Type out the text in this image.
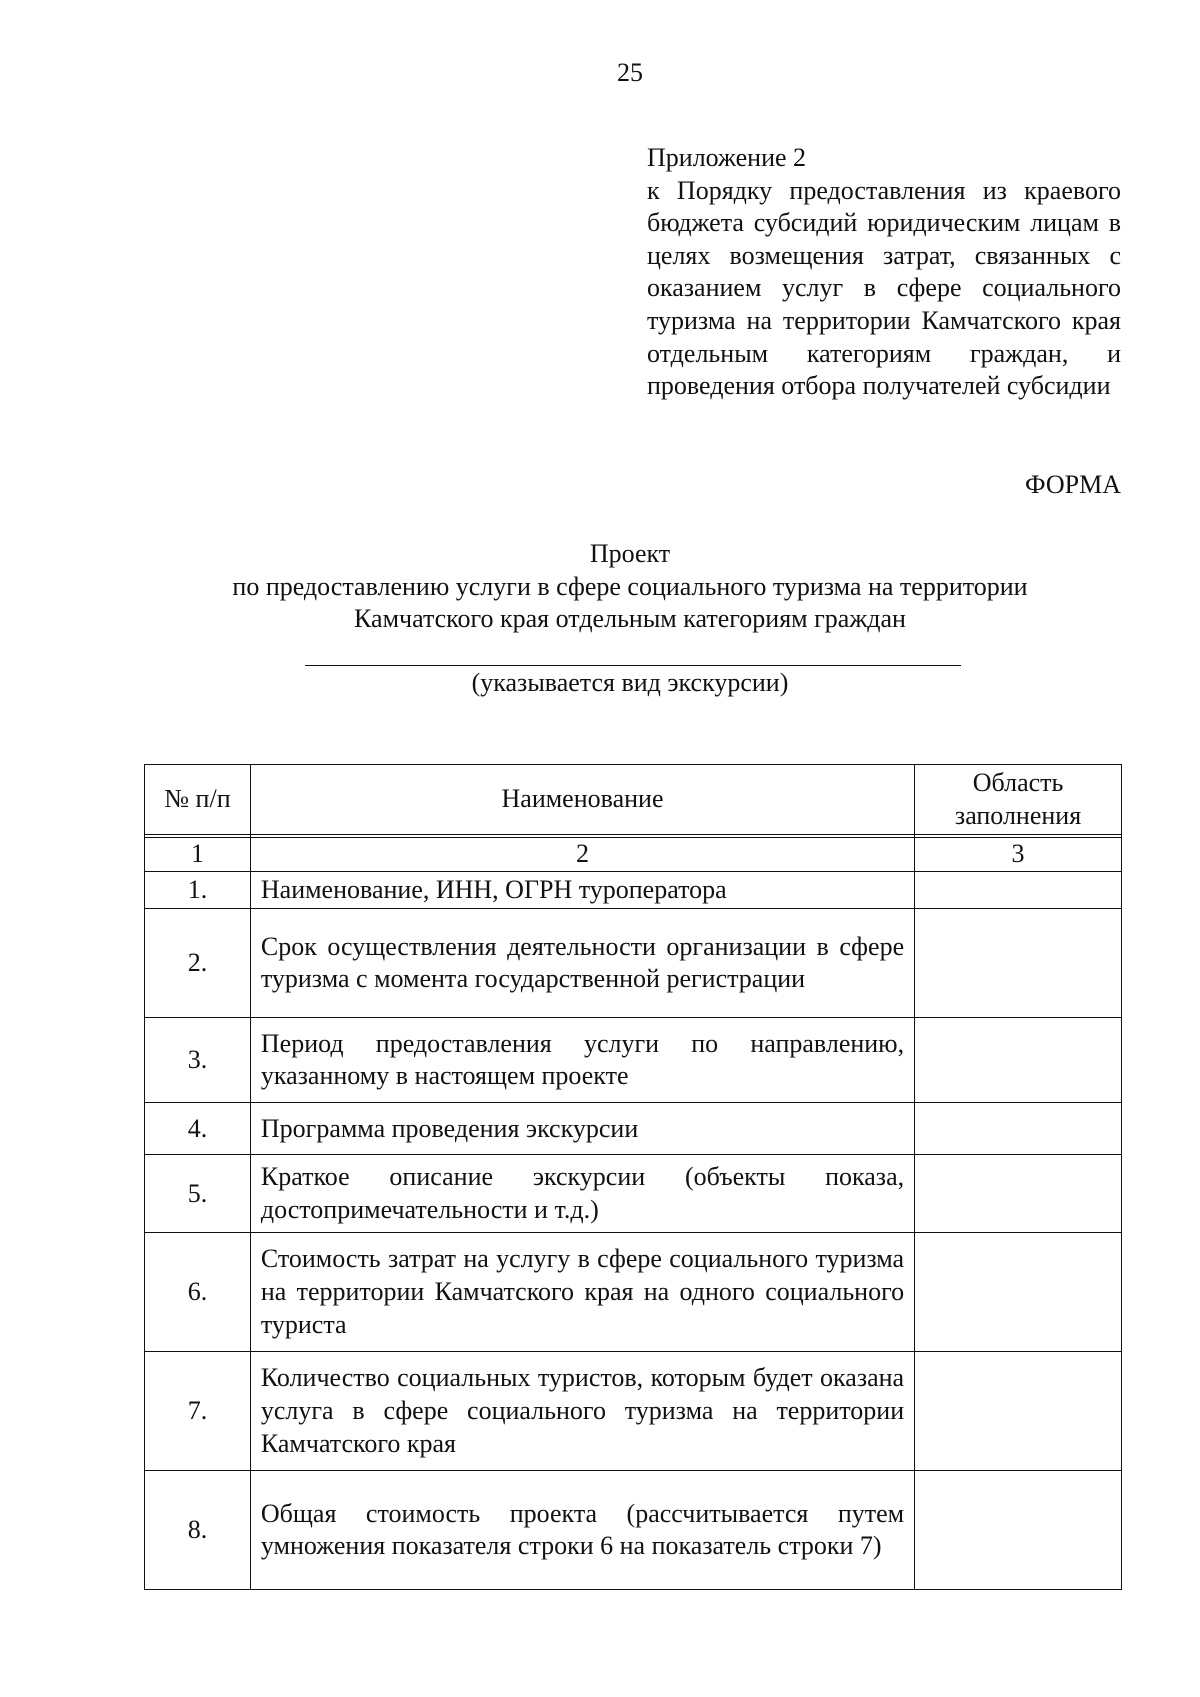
25
Приложение 2
к Порядку предоставления из краевого бюджета субсидий юридическим лицам в целях возмещения затрат, связанных с оказанием услуг в сфере социального туризма на территории Камчатского края отдельным категориям граждан, и проведения отбора получателей субсидии
ФОРМА
Проект
по предоставлению услуги в сфере социального туризма на территории
Камчатского края отдельным категориям граждан
(указывается вид экскурсии)
№ п/п	Наименование	Область заполнения

1	2	3
1.	Наименование, ИНН, ОГРН туроператора	
2.	Срок осуществления деятельности организации в сфере туризма с момента государственной регистрации	
3.	Период предоставления услуги по направлению, указанному в настоящем проекте	
4.	Программа проведения экскурсии	
5.	Краткое описание экскурсии (объекты показа, достопримечательности и т.д.)	
6.	Стоимость затрат на услугу в сфере социального туризма на территории Камчатского края на одного социального туриста	
7.	Количество социальных туристов, которым будет оказана услуга в сфере социального туризма на территории Камчатского края	
8.	Общая стоимость проекта (рассчитывается путем умножения показателя строки 6 на показатель строки 7)	
